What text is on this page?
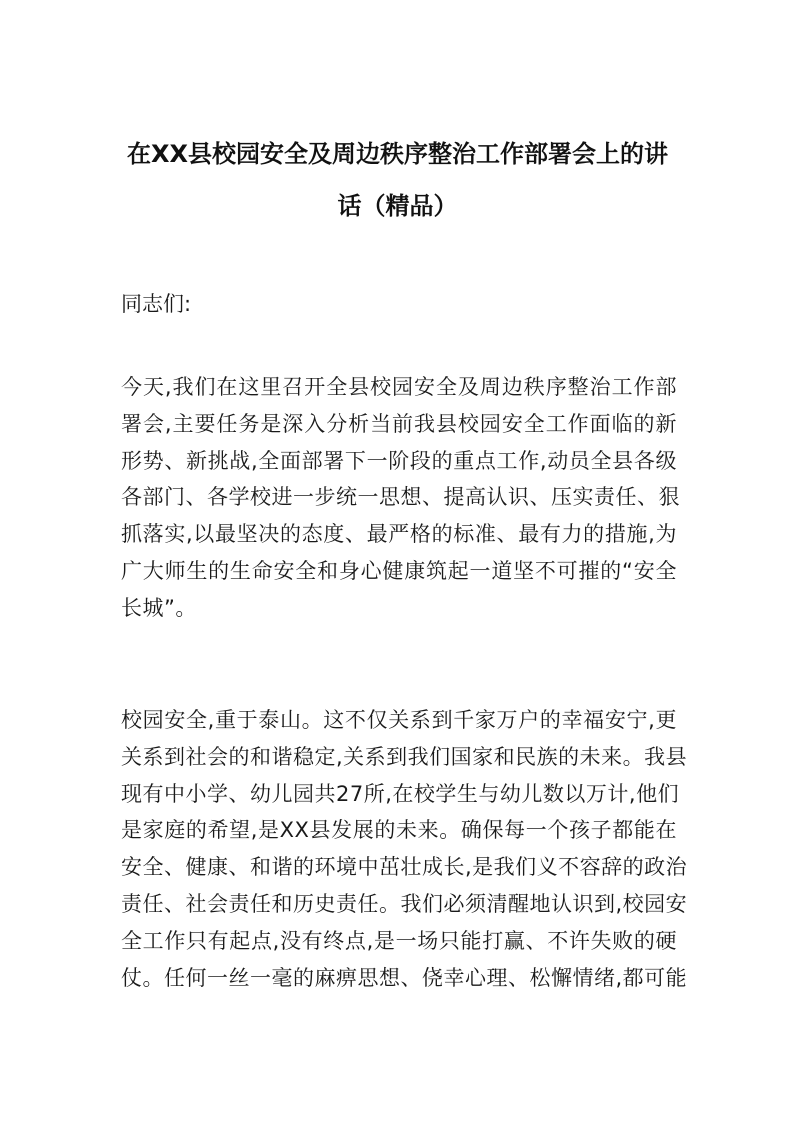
在XX县校园安全及周边秩序整治工作部署会上的讲
话（精品）

同志们:

今天,我们在这里召开全县校园安全及周边秩序整治工作部
署会,主要任务是深入分析当前我县校园安全工作面临的新
形势、新挑战,全面部署下一阶段的重点工作,动员全县各级
各部门、各学校进一步统一思想、提高认识、压实责任、狠
抓落实,以最坚决的态度、最严格的标准、最有力的措施,为
广大师生的生命安全和身心健康筑起一道坚不可摧的“安全
长城”。
校园安全,重于泰山。这不仅关系到千家万户的幸福安宁,更
关系到社会的和谐稳定,关系到我们国家和民族的未来。我县
现有中小学、幼儿园共27所,在校学生与幼儿数以万计,他们
是家庭的希望,是XX县发展的未来。确保每一个孩子都能在
安全、健康、和谐的环境中茁壮成长,是我们义不容辞的政治
责任、社会责任和历史责任。我们必须清醒地认识到,校园安
全工作只有起点,没有终点,是一场只能打赢、不许失败的硬
仗。任何一丝一毫的麻痹思想、侥幸心理、松懈情绪,都可能
